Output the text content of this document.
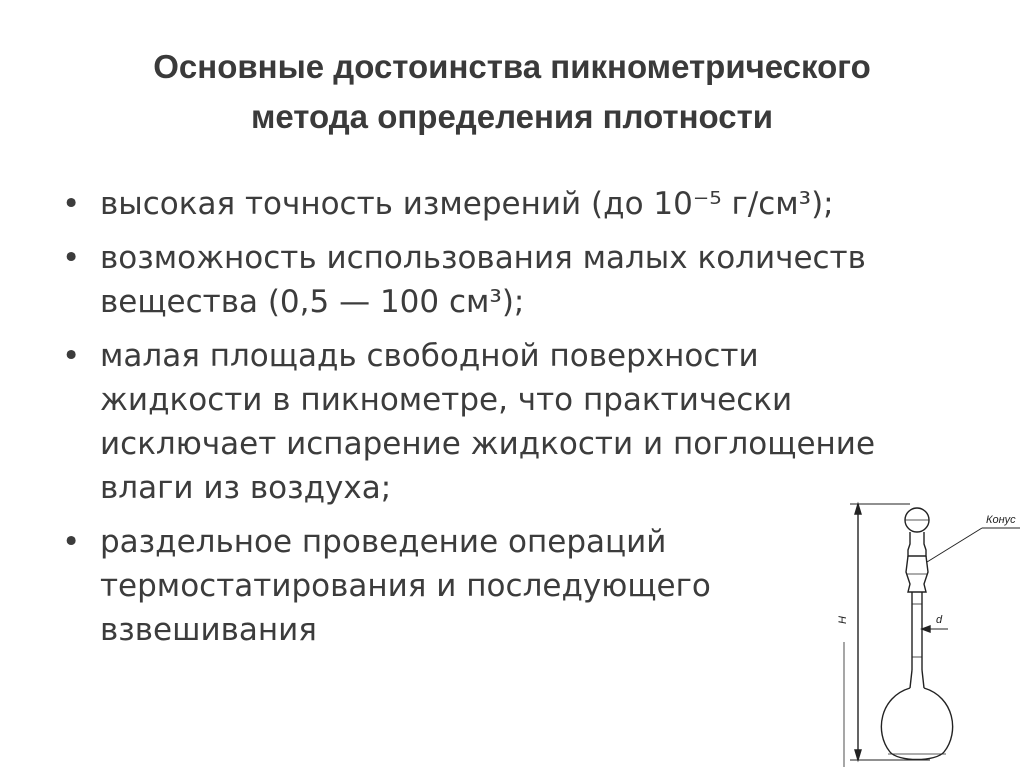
Основные достоинства пикнометрического
метода определения плотности
• высокая точность измерений (до 10⁻⁵ г/см³);
• возможность использования малых количеств
вещества (0,5 — 100 см³);
• малая площадь свободной поверхности
жидкости в пикнометре, что практически
исключает испарение жидкости и поглощение
влаги из воздуха;
• раздельное проведение операций
термостатирования и последующего
взвешивания
Конус
H	d
